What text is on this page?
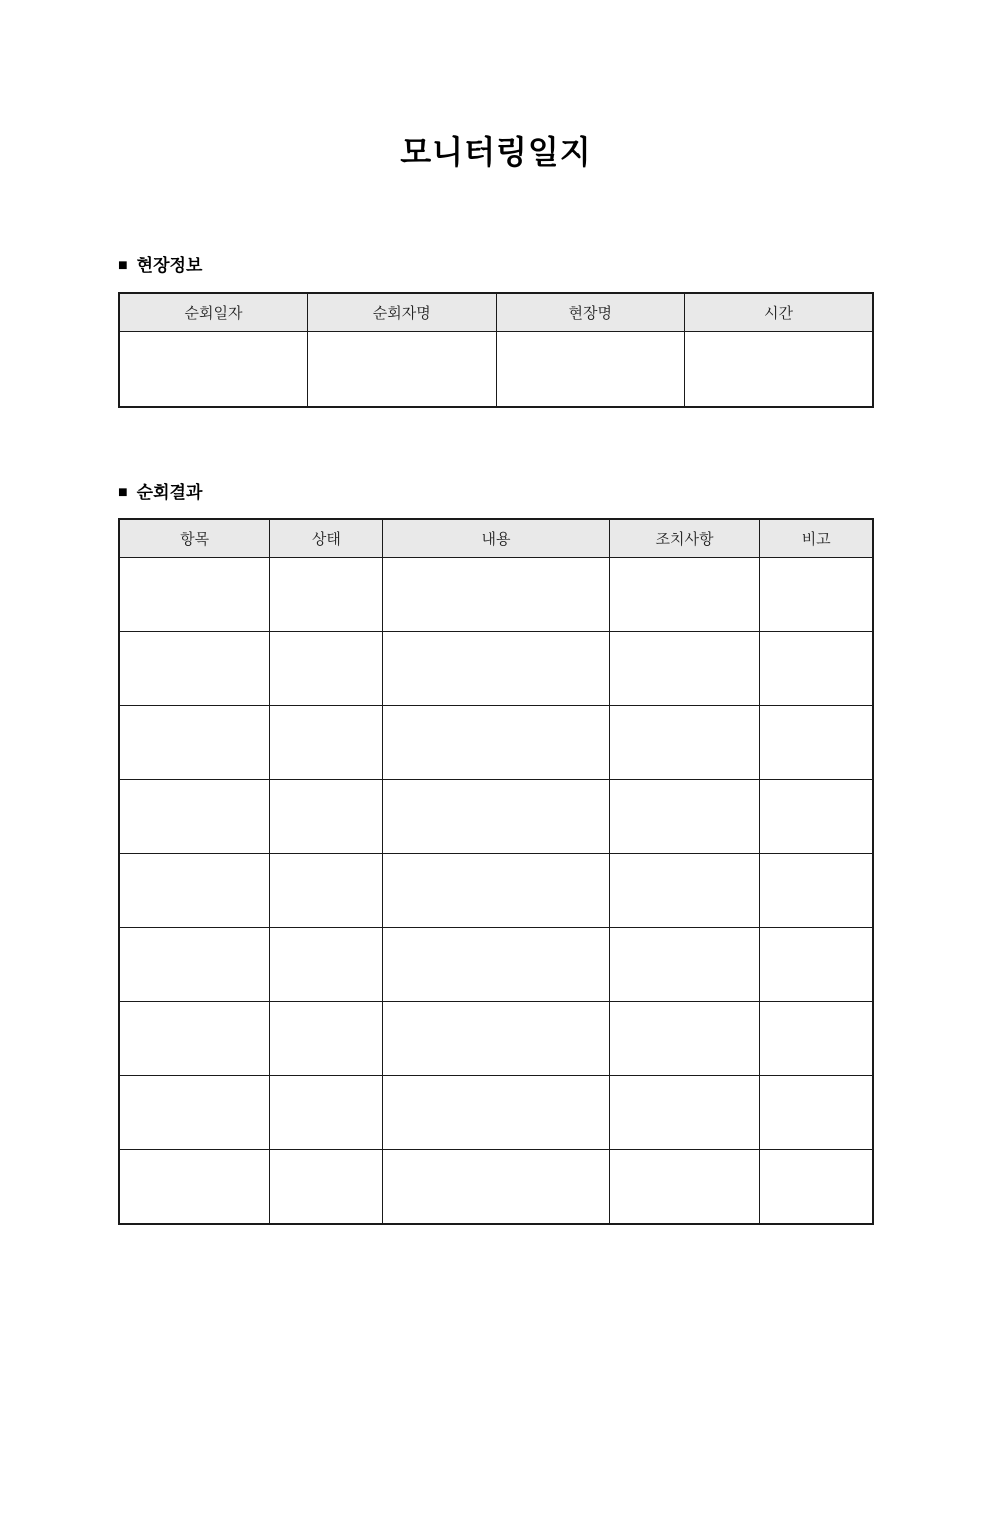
모니터링일지
■ 현장정보
순회일자	순회자명	현장명	시간

■ 순회결과
항목	상태	내용	조치사항	비고
